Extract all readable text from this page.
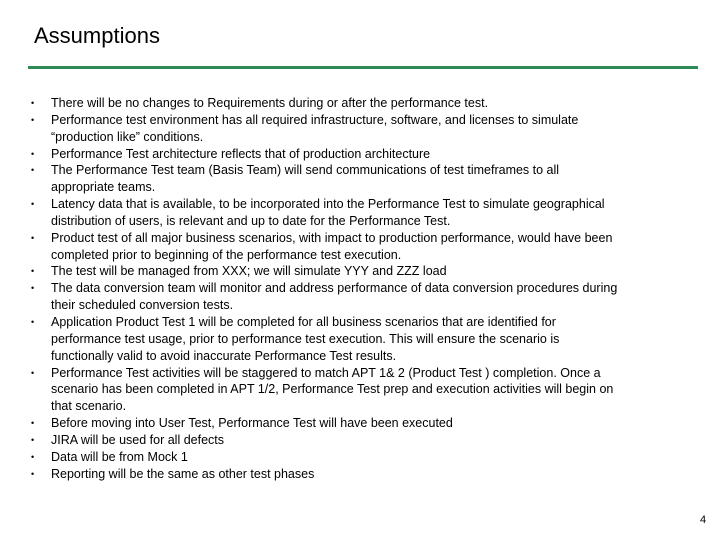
Assumptions
•	There will be no changes to Requirements during or after the performance test.
•	Performance test environment has all required infrastructure, software, and licenses to simulate
“production like” conditions.
•	Performance Test architecture reflects that of production architecture
•	The Performance Test team (Basis Team) will send communications of test timeframes to all
appropriate teams.
•	Latency data that is available, to be incorporated into the Performance Test to simulate geographical
distribution of users, is relevant and up to date for the Performance Test.
•	Product test of all major business scenarios, with impact to production performance, would have been
completed prior to beginning of the performance test execution.
•	The test will be managed from XXX; we will simulate YYY and ZZZ load
•	The data conversion team will monitor and address performance of data conversion procedures during
their scheduled conversion tests.
•	Application Product Test 1 will be completed for all business scenarios that are identified for
performance test usage, prior to performance test execution. This will ensure the scenario is
functionally valid to avoid inaccurate Performance Test results.
•	Performance Test activities will be staggered to match APT 1& 2 (Product Test ) completion. Once a
scenario has been completed in APT 1/2, Performance Test prep and execution activities will begin on
that scenario.
•	Before moving into User Test, Performance Test will have been executed
•	JIRA will be used for all defects
•	Data will be from Mock 1
•	Reporting will be the same as other test phases
4
